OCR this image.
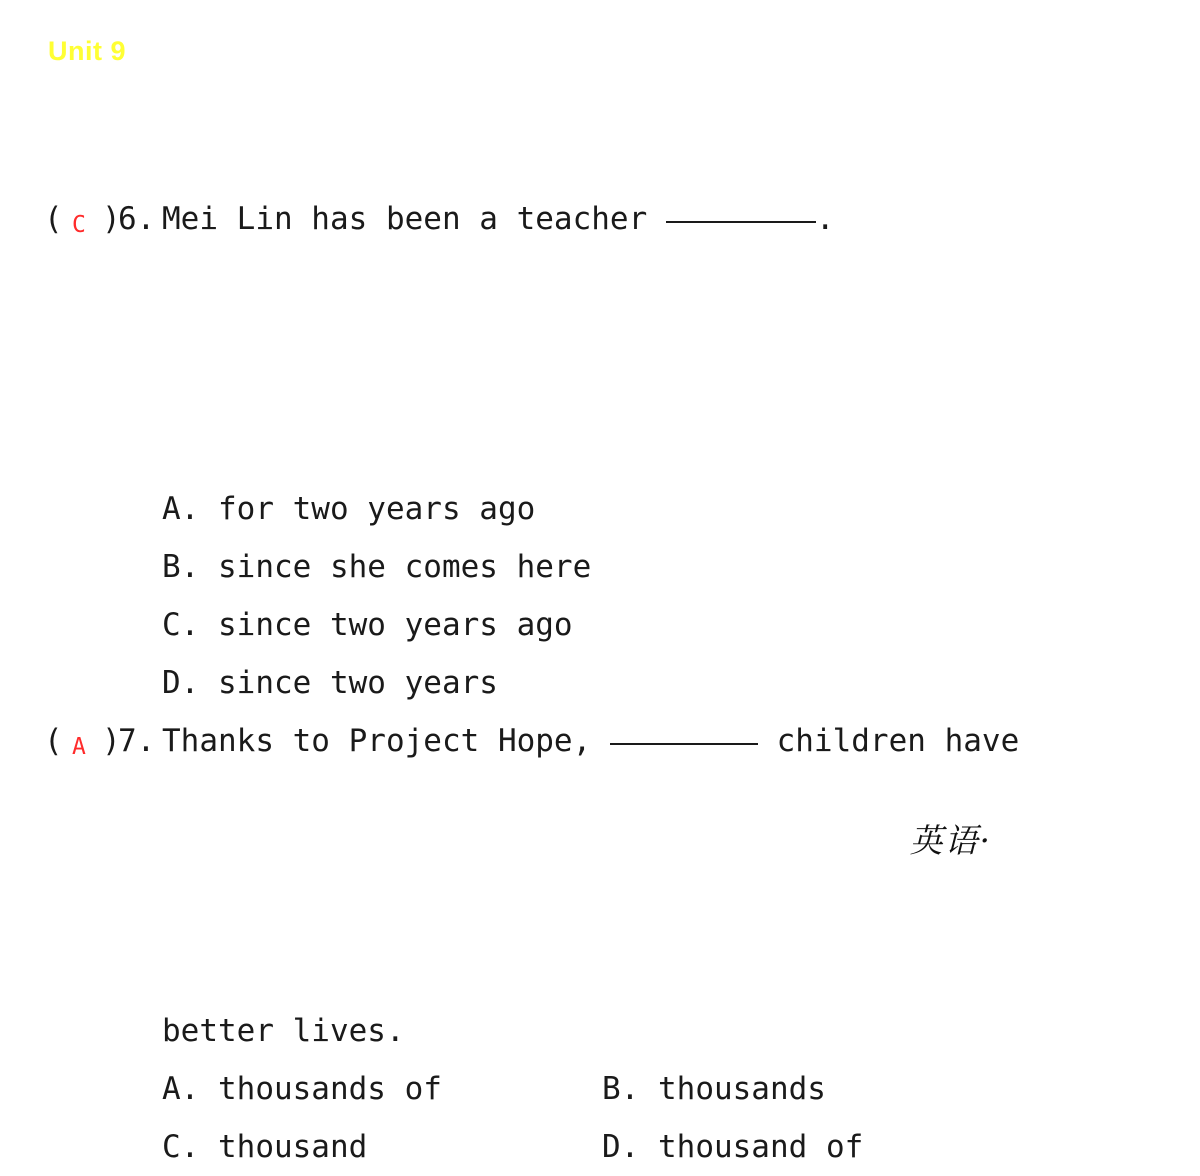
Unit 9

(

C

)

6. Mei Lin has been a teacher	.
A. for two years ago
B. since she comes here
C. since two years ago
D. since two years

(

A

)

7. Thanks to Project Hope,	children have
better lives.
A. thousands of	B. thousands
C. thousand	D. thousand of
英语·
